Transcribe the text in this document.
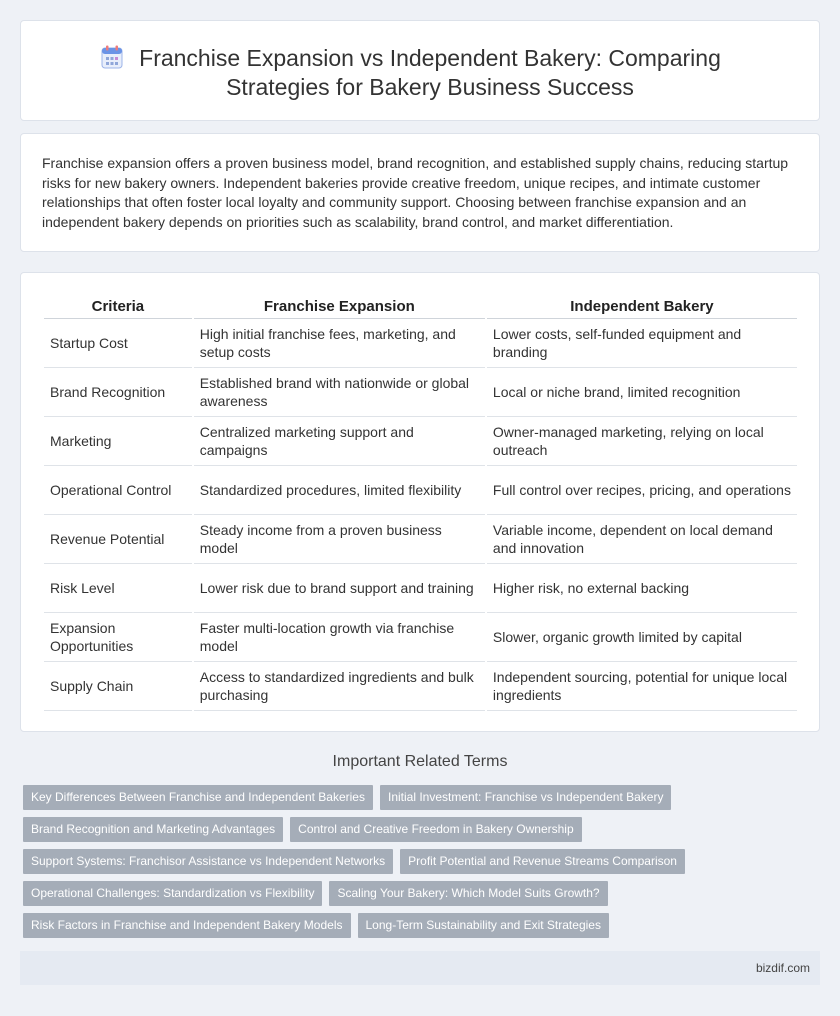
Franchise Expansion vs Independent Bakery: Comparing Strategies for Bakery Business Success

Franchise expansion offers a proven business model, brand recognition, and established supply chains, reducing startup risks for new bakery owners. Independent bakeries provide creative freedom, unique recipes, and intimate customer relationships that often foster local loyalty and community support. Choosing between franchise expansion and an independent bakery depends on priorities such as scalability, brand control, and market differentiation.

Criteria	Franchise Expansion	Independent Bakery
Startup Cost	High initial franchise fees, marketing, and setup costs	Lower costs, self-funded equipment and branding
Brand Recognition	Established brand with nationwide or global awareness	Local or niche brand, limited recognition
Marketing	Centralized marketing support and campaigns	Owner-managed marketing, relying on local outreach
Operational Control	Standardized procedures, limited flexibility	Full control over recipes, pricing, and operations
Revenue Potential	Steady income from a proven business model	Variable income, dependent on local demand and innovation
Risk Level	Lower risk due to brand support and training	Higher risk, no external backing
Expansion Opportunities	Faster multi-location growth via franchise model	Slower, organic growth limited by capital
Supply Chain	Access to standardized ingredients and bulk purchasing	Independent sourcing, potential for unique local ingredients
Important Related Terms
Key Differences Between Franchise and Independent Bakeries Initial Investment: Franchise vs Independent Bakery
Brand Recognition and Marketing Advantages Control and Creative Freedom in Bakery Ownership
Support Systems: Franchisor Assistance vs Independent Networks Profit Potential and Revenue Streams Comparison
Operational Challenges: Standardization vs Flexibility Scaling Your Bakery: Which Model Suits Growth?
Risk Factors in Franchise and Independent Bakery Models Long-Term Sustainability and Exit Strategies
bizdif.com
